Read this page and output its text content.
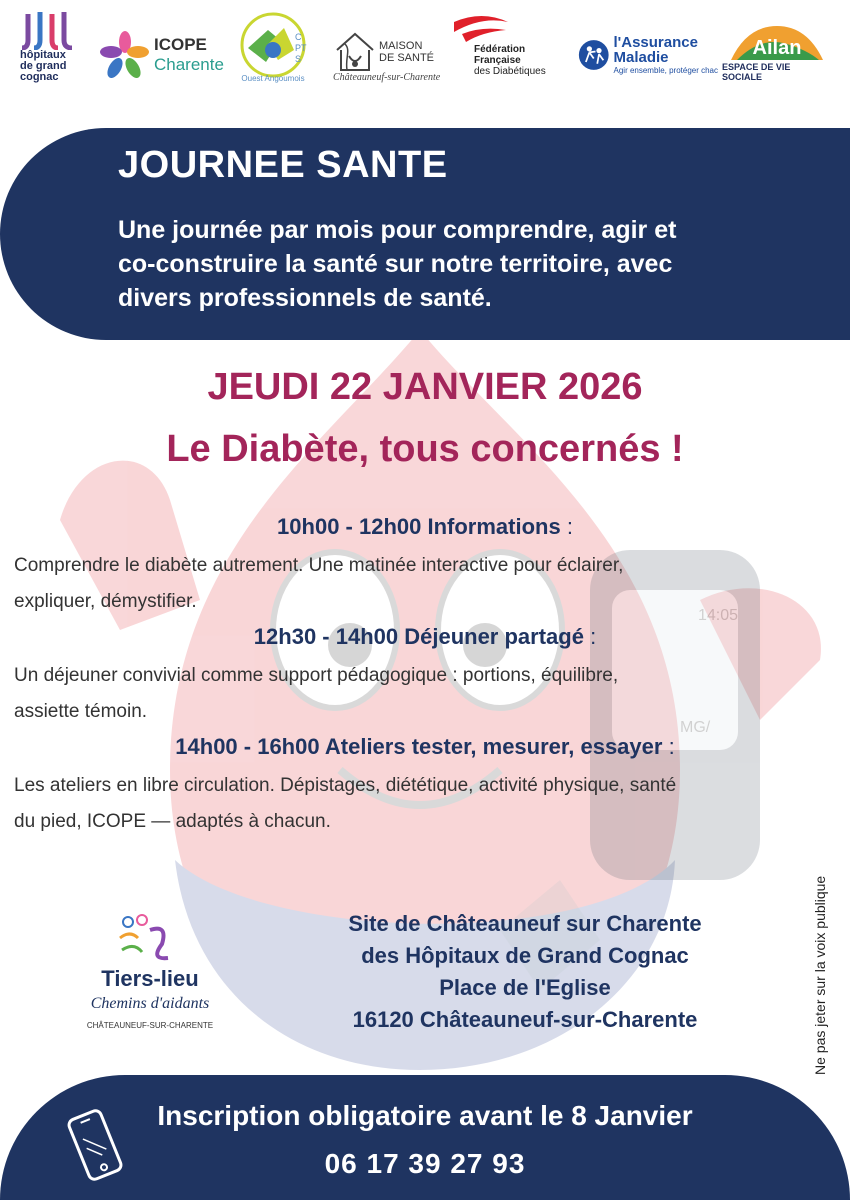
14:05
MG/
hôpitaux
de grand
cognac
ICOPE
Charente
CPTS
Ouest Angoumois
MAISON
DE SANTÉ
Châteauneuf-sur-Charente
Fédération Française
des Diabétiques
l'Assurance
Maladie
Agir ensemble, protéger chac
Ailan
ESPACE DE VIE SOCIALE
JOURNEE SANTE
Une journée par mois pour comprendre, agir et
co-construire la santé sur notre territoire, avec
divers professionnels de santé.
JEUDI 22 JANVIER 2026
Le Diabète, tous concernés !
10h00 - 12h00 Informations :
Comprendre le diabète autrement. Une matinée interactive pour éclairer,
expliquer, démystifier.
12h30 - 14h00 Déjeuner partagé :
Un déjeuner convivial comme support pédagogique : portions, équilibre,
assiette témoin.
14h00 - 16h00 Ateliers tester, mesurer, essayer :
Les ateliers en libre circulation. Dépistages, diététique, activité physique, santé
du pied, ICOPE — adaptés à chacun.
Tiers-lieu
Chemins d'aidants
CHÂTEAUNEUF-SUR-CHARENTE
Site de Châteauneuf sur Charente
des Hôpitaux de Grand Cognac
Place de l'Eglise
16120 Châteauneuf-sur-Charente	Ne pas jeter sur la voix publique
Inscription obligatoire avant le 8 Janvier
06 17 39 27 93
